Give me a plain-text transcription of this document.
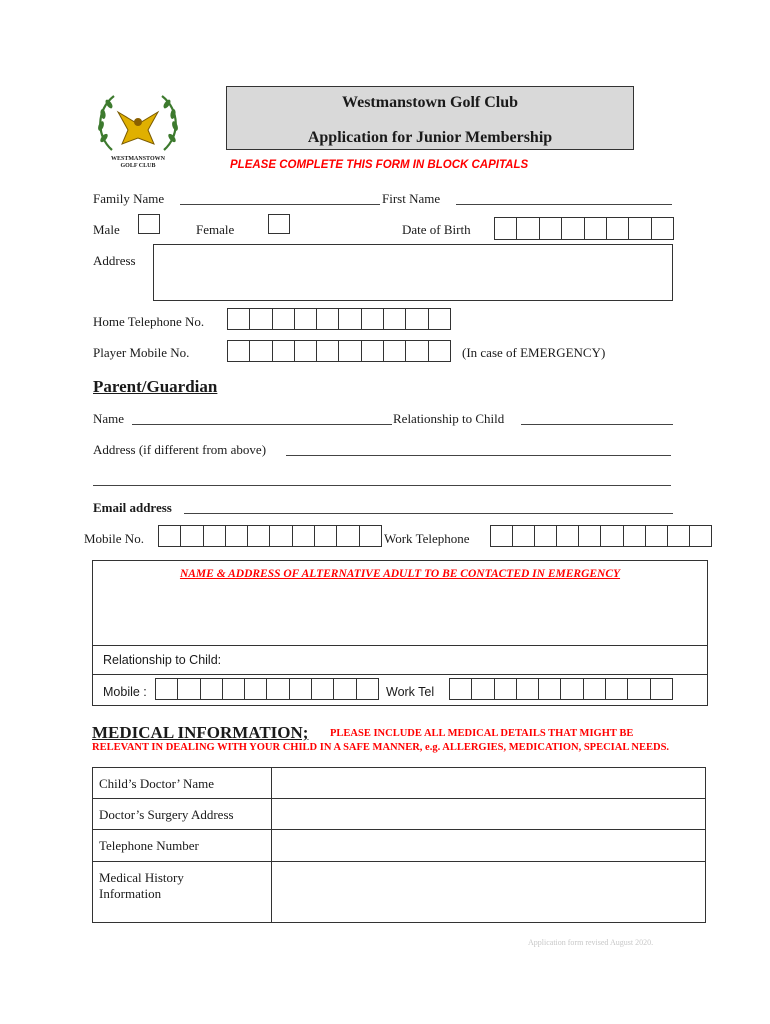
WESTMANSTOWN
GOLF CLUB
Westmanstown Golf Club
Application for Junior Membership
PLEASE COMPLETE THIS FORM IN BLOCK CAPITALS
Family Name	First Name
Male	Female	Date of Birth
Address
Home Telephone No.
Player Mobile No.	(In case of EMERGENCY)
Parent/Guardian
Name	Relationship to Child
Address (if different from above)
Email address
Mobile No.	Work Telephone
NAME & ADDRESS OF ALTERNATIVE ADULT TO BE CONTACTED IN EMERGENCY
Relationship to Child:
Mobile :	Work Tel
PLEASE INCLUDE ALL MEDICAL DETAILS THAT MIGHT BE RELEVANT IN DEALING WITH YOUR CHILD IN A SAFE MANNER, e.g. ALLERGIES, MEDICATION, SPECIAL NEEDS.
MEDICAL INFORMATION;
Child’s Doctor’ Name	
Doctor’s Surgery Address	
Telephone Number	

Medical History Information	

Application form revised August 2020.
